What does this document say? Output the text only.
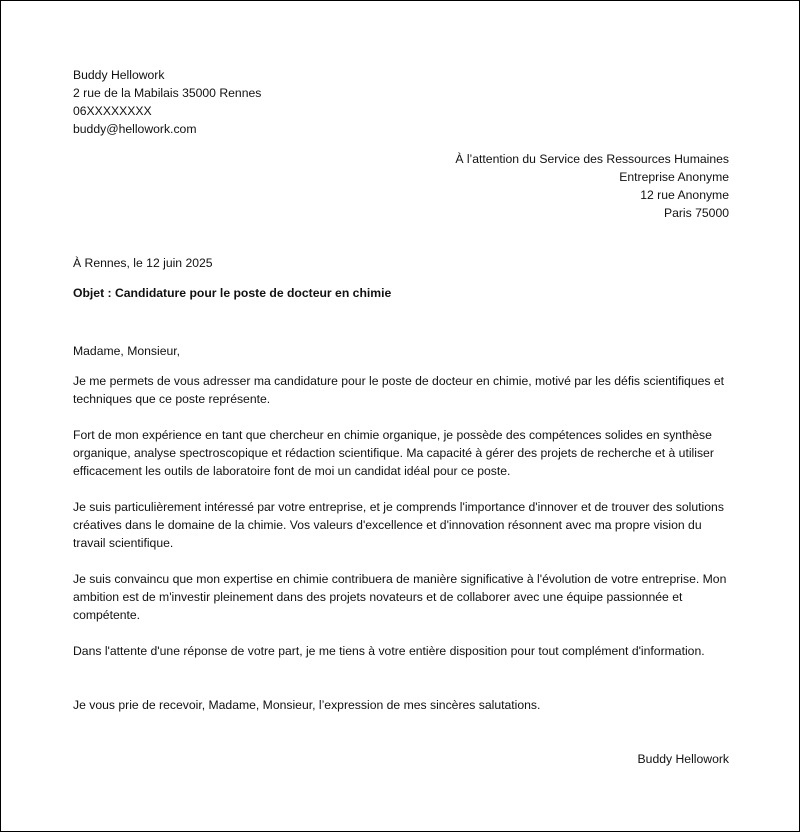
Buddy Hellowork
2 rue de la Mabilais 35000 Rennes
06XXXXXXXX
buddy@hellowork.com
À l’attention du Service des Ressources Humaines
Entreprise Anonyme
12 rue Anonyme
Paris 75000
À Rennes, le 12 juin 2025
Objet : Candidature pour le poste de docteur en chimie
Madame, Monsieur,
Je me permets de vous adresser ma candidature pour le poste de docteur en chimie, motivé par les défis scientifiques et techniques que ce poste représente.
Fort de mon expérience en tant que chercheur en chimie organique, je possède des compétences solides en synthèse organique, analyse spectroscopique et rédaction scientifique. Ma capacité à gérer des projets de recherche et à utiliser efficacement les outils de laboratoire font de moi un candidat idéal pour ce poste.
Je suis particulièrement intéressé par votre entreprise, et je comprends l'importance d'innover et de trouver des solutions créatives dans le domaine de la chimie. Vos valeurs d'excellence et d'innovation résonnent avec ma propre vision du travail scientifique.
Je suis convaincu que mon expertise en chimie contribuera de manière significative à l'évolution de votre entreprise. Mon ambition est de m'investir pleinement dans des projets novateurs et de collaborer avec une équipe passionnée et compétente.
Dans l'attente d'une réponse de votre part, je me tiens à votre entière disposition pour tout complément d'information.
Je vous prie de recevoir, Madame, Monsieur, l’expression de mes sincères salutations.
Buddy Hellowork
